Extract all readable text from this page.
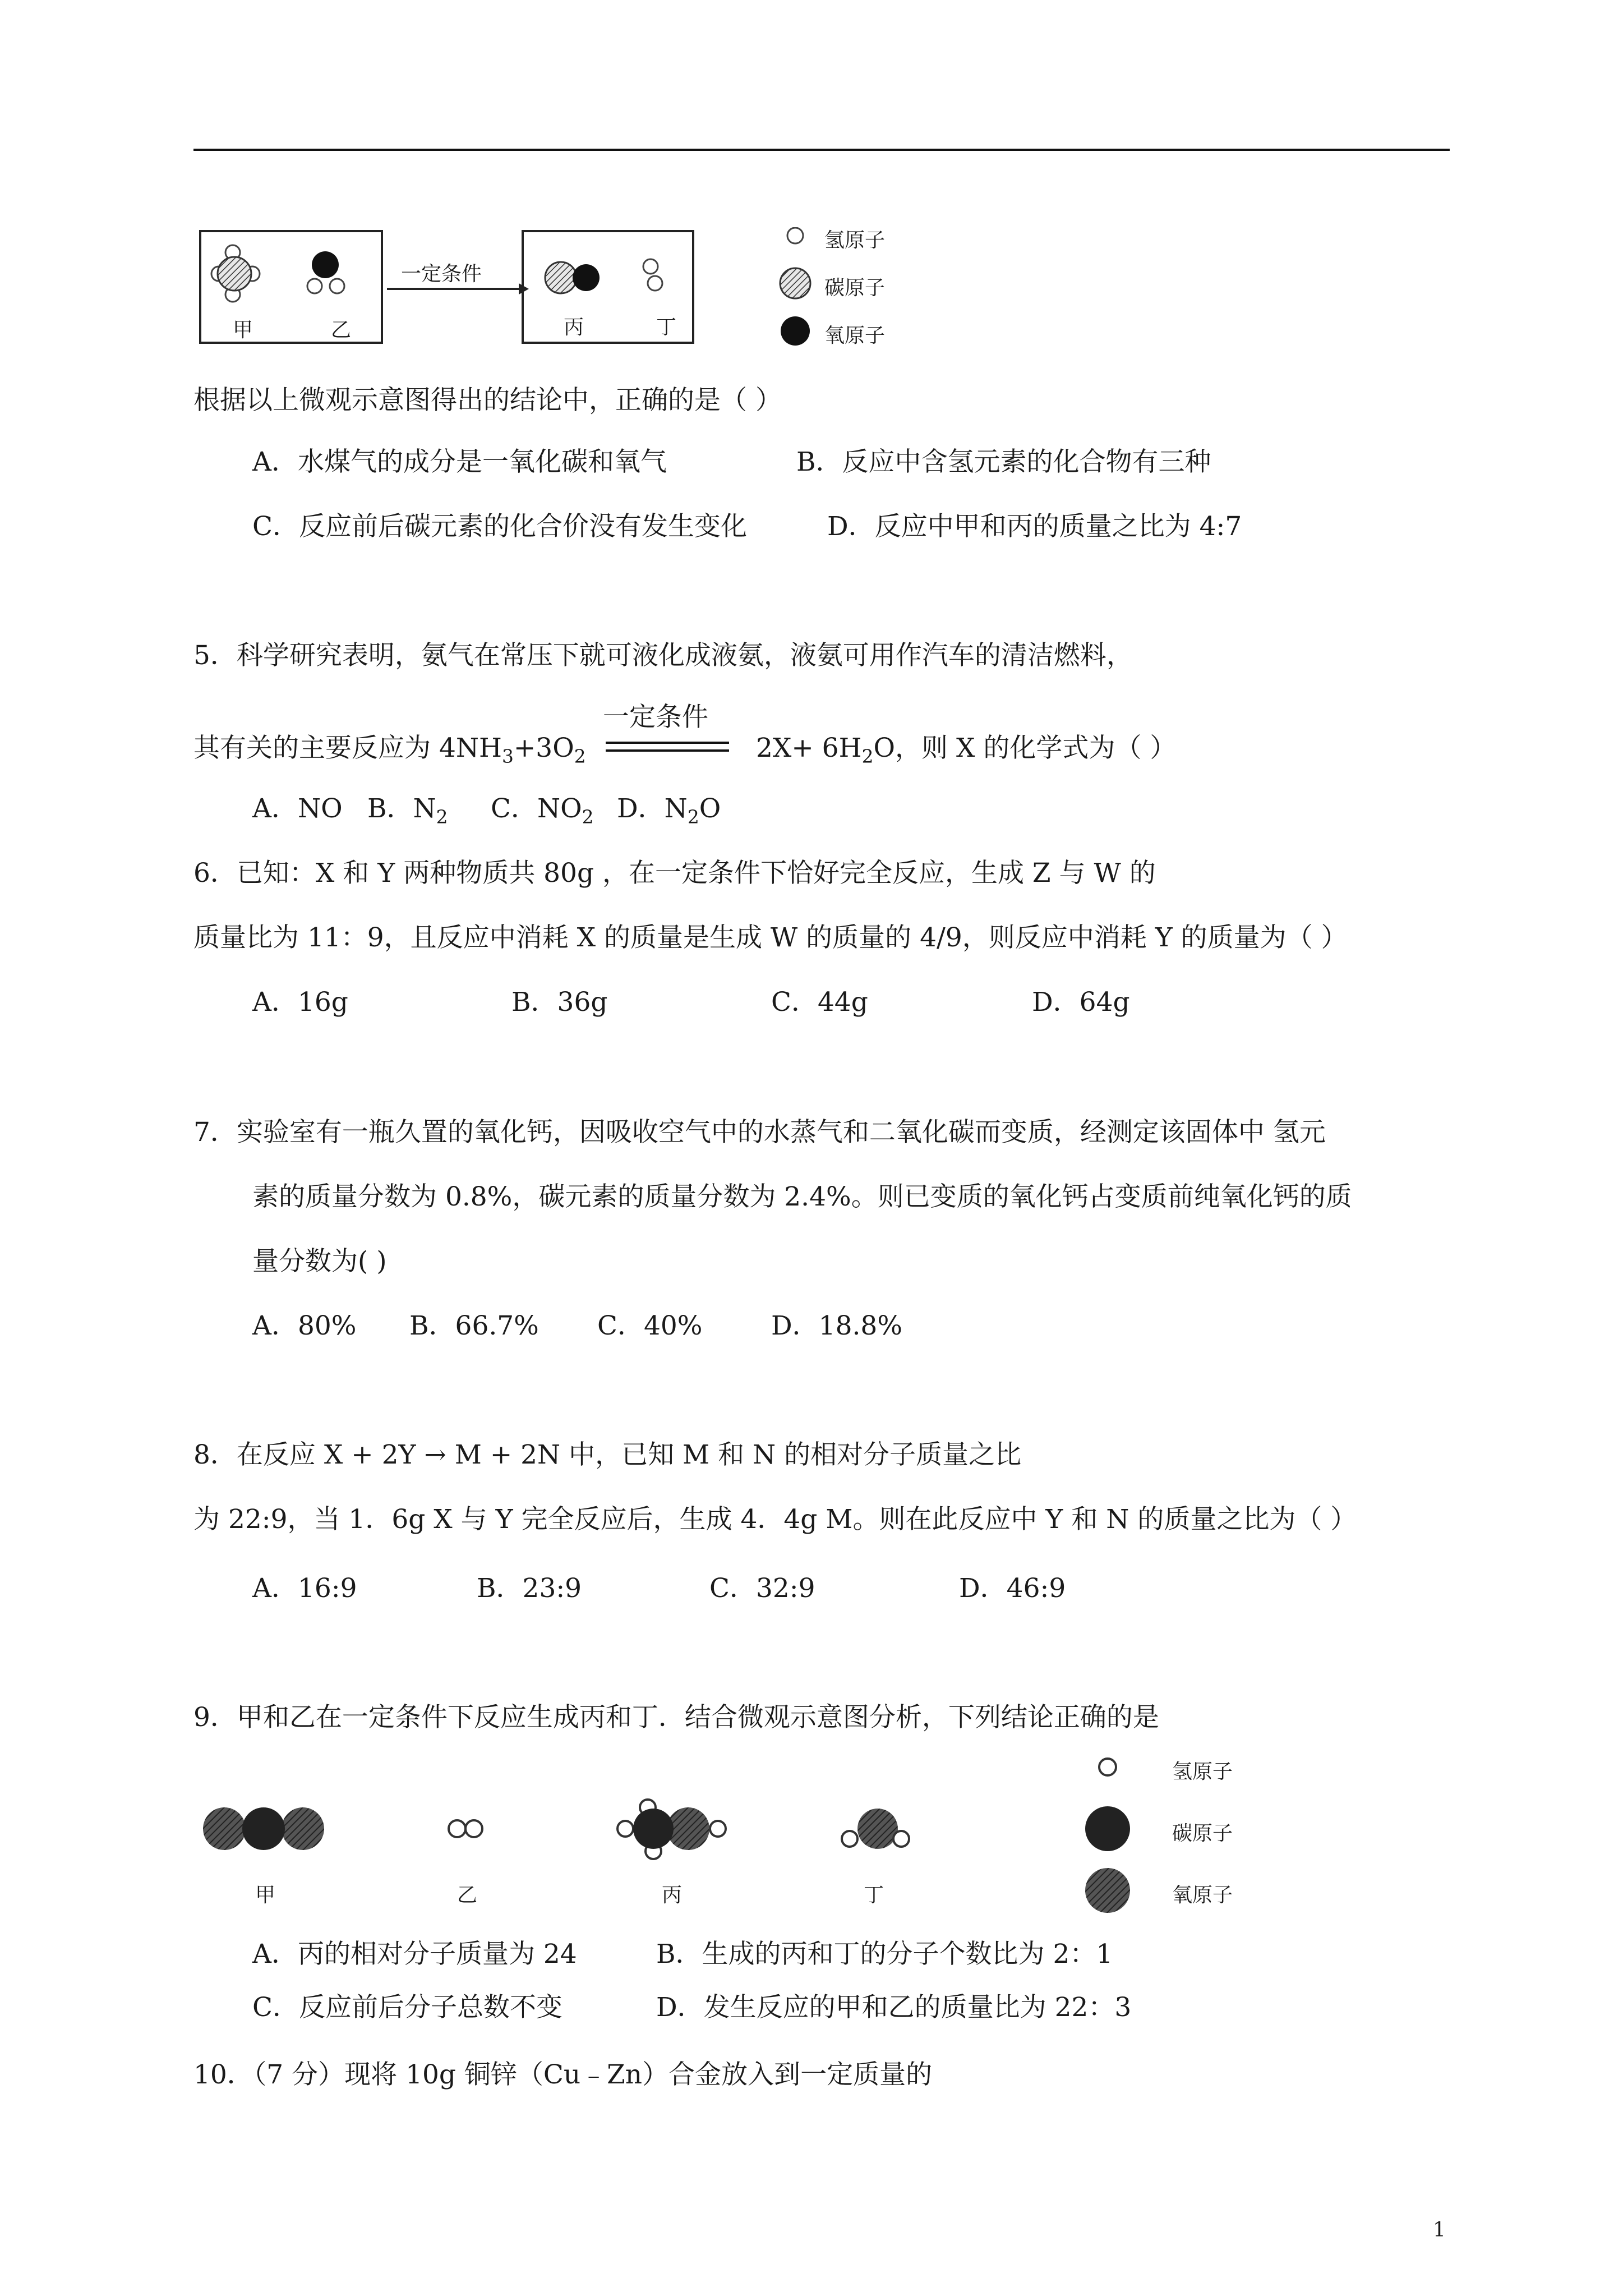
甲	乙
一定条件
丙	丁
氢原子
碳原子
氧原子
根据以上微观示意图得出的结论中，正确的是（ ）
A．水煤气的成分是一氧化碳和氧气	B．反应中含氢元素的化合物有三种
C．反应前后碳元素的化合价没有发生变化	D．反应中甲和丙的质量之比为 4:7
5．科学研究表明，氨气在常压下就可液化成液氨，液氨可用作汽车的清洁燃料，
其有关的主要反应为 $4NH_3+3O_2$
一定条件
$2X+ 6H_2O$，则 X 的化学式为（ ）
A．NO B．$N_2$ C．$NO_2$ D．$N_2O$
6．已知：X 和 Y 两种物质共 80g ，在一定条件下恰好完全反应，生成 Z 与 W 的
质量比为 11：9，且反应中消耗 X 的质量是生成 W 的质量的 4/9，则反应中消耗 Y 的质量为（ ）
A．16g	B．36g	C．44g	D．64g
7．实验室有一瓶久置的氧化钙，因吸收空气中的水蒸气和二氧化碳而变质，经测定该固体中 氢元
素的质量分数为 0.8%，碳元素的质量分数为 2.4%。则已变质的氧化钙占变质前纯氧化钙的质
量分数为( )
A．80% B．66.7% C．40%	D．18.8%
8．在反应 X + 2Y → M + 2N 中，已知 M 和 N 的相对分子质量之比
为 22:9，当 1．6g X 与 Y 完全反应后，生成 4．4g M。则在此反应中 Y 和 N 的质量之比为（ ）
A．16:9	B．23:9	C．32:9	D．46:9
9．甲和乙在一定条件下反应生成丙和丁．结合微观示意图分析，下列结论正确的是
甲	乙	丙	丁
氢原子
碳原子
氧原子
A．丙的相对分子质量为 24	B．生成的丙和丁的分子个数比为 2：1
C．反应前后分子总数不变	D．发生反应的甲和乙的质量比为 22：3
10．（7 分）现将 10g 铜锌（Cu﹣Zn）合金放入到一定质量的
1
